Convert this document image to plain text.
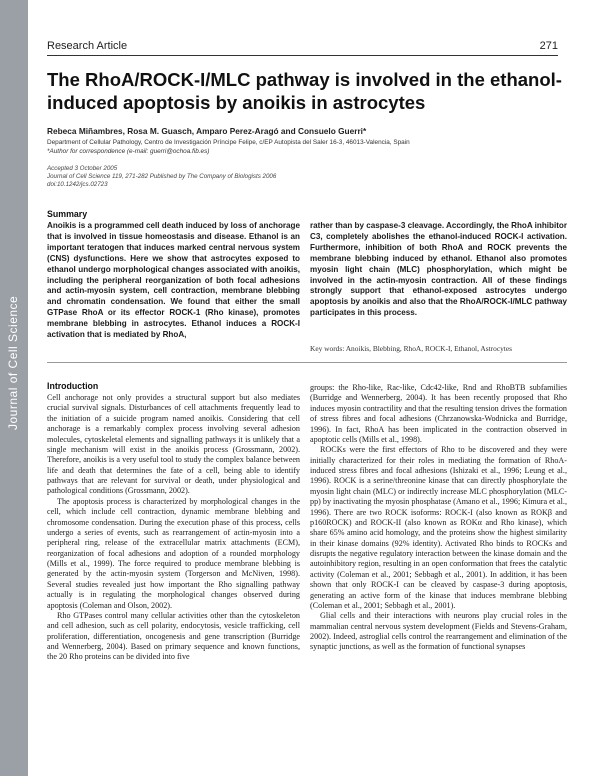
Journal of Cell Science
Research Article	271
The RhoA/ROCK-I/MLC pathway is involved in the ethanol-induced apoptosis by anoikis in astrocytes
Rebeca Miñambres, Rosa M. Guasch, Amparo Perez-Aragó and Consuelo Guerri*
Department of Cellular Pathology, Centro de Investigación Príncipe Felipe, c/EP Autopista del Saler 16-3, 46013-Valencia, Spain
*Author for correspondence (e-mail: guerri@ochoa.fib.es)
Accepted 3 October 2005
Journal of Cell Science 119, 271-282 Published by The Company of Biologists 2006
doi:10.1242/jcs.02723
Summary

Anoikis is a programmed cell death induced by loss of anchorage that is involved in tissue homeostasis and disease. Ethanol is an important teratogen that induces marked central nervous system (CNS) dysfunctions. Here we show that astrocytes exposed to ethanol undergo morphological changes associated with anoikis, including the peripheral reorganization of both focal adhesions and actin-myosin system, cell contraction, membrane blebbing and chromatin condensation. We found that either the small GTPase RhoA or its effector ROCK-1 (Rho kinase), promotes membrane blebbing in astrocytes. Ethanol induces a ROCK-I activation that is mediated by RhoA,

rather than by caspase-3 cleavage. Accordingly, the RhoA inhibitor C3, completely abolishes the ethanol-induced ROCK-I activation. Furthermore, inhibition of both RhoA and ROCK prevents the membrane blebbing induced by ethanol. Ethanol also promotes myosin light chain (MLC) phosphorylation, which might be involved in the actin-myosin contraction. All of these findings strongly support that ethanol-exposed astrocytes undergo apoptosis by anoikis and also that the RhoA/ROCK-I/MLC pathway participates in this process.

Key words: Anoikis, Blebbing, RhoA, ROCK-I, Ethanol, Astrocytes
Introduction

Cell anchorage not only provides a structural support but also mediates crucial survival signals. Disturbances of cell attachments frequently lead to the initiation of a suicide program named anoikis. Considering that cell anchorage is a remarkably complex process involving several adhesion molecules, cytoskeletal elements and signalling pathways it is unlikely that a single mechanism will exist in the anoikis process (Grossmann, 2002). Therefore, anoikis is a very useful tool to study the complex balance between life and death that determines the fate of a cell, being able to identify pathways that are relevant for survival or death, under physiological and pathological conditions (Grossmann, 2002).

The apoptosis process is characterized by morphological changes in the cell, which include cell contraction, dynamic membrane blebbing and chromosome condensation. During the execution phase of this process, cells undergo a series of events, such as rearrangement of actin-myosin into a peripheral ring, release of the extracellular matrix attachments (ECM), reorganization of focal adhesions and adoption of a rounded morphology (Mills et al., 1999). The force required to produce membrane blebbing is generated by the actin-myosin system (Torgerson and McNiven, 1998). Several studies revealed just how important the Rho signalling pathway actually is in regulating the morphological changes observed during apoptosis (Coleman and Olson, 2002).

Rho GTPases control many cellular activities other than the cytoskeleton and cell adhesion, such as cell polarity, endocytosis, vesicle trafficking, cell proliferation, differentiation, oncogenesis and gene transcription (Burridge and Wennerberg, 2004). Based on primary sequence and known functions, the 20 Rho proteins can be divided into five

groups: the Rho-like, Rac-like, Cdc42-like, Rnd and RhoBTB subfamilies (Burridge and Wennerberg, 2004). It has been recently proposed that Rho induces myosin contractility and that the resulting tension drives the formation of stress fibres and focal adhesions (Chrzanowska-Wodnicka and Burridge, 1996). In fact, RhoA has been implicated in the contraction observed in apoptotic cells (Mills et al., 1998).

ROCKs were the first effectors of Rho to be discovered and they were initially characterized for their roles in mediating the formation of RhoA-induced stress fibres and focal adhesions (Ishizaki et al., 1996; Leung et al., 1996). ROCK is a serine/threonine kinase that can directly phosphorylate the myosin light chain (MLC) or indirectly increase MLC phosphorylation (MLC-pp) by inactivating the myosin phosphatase (Amano et al., 1996; Kimura et al., 1996). There are two ROCK isoforms: ROCK-I (also known as ROKβ and p160ROCK) and ROCK-II (also known as ROKα and Rho kinase), which share 65% amino acid homology, and the proteins show the highest similarity in their kinase domains (92% identity). Activated Rho binds to ROCKs and disrupts the negative regulatory interaction between the kinase domain and the autoinhibitory region, resulting in an open conformation that frees the catalytic activity (Coleman et al., 2001; Sebbagh et al., 2001). In addition, it has been shown that only ROCK-I can be cleaved by caspase-3 during apoptosis, generating an active form of the kinase that induces membrane blebbing (Coleman et al., 2001; Sebbagh et al., 2001).

Glial cells and their interactions with neurons play crucial roles in the mammalian central nervous system development (Fields and Stevens-Graham, 2002). Indeed, astroglial cells control the rearrangement and elimination of the synaptic junctions, as well as the formation of functional synapses
